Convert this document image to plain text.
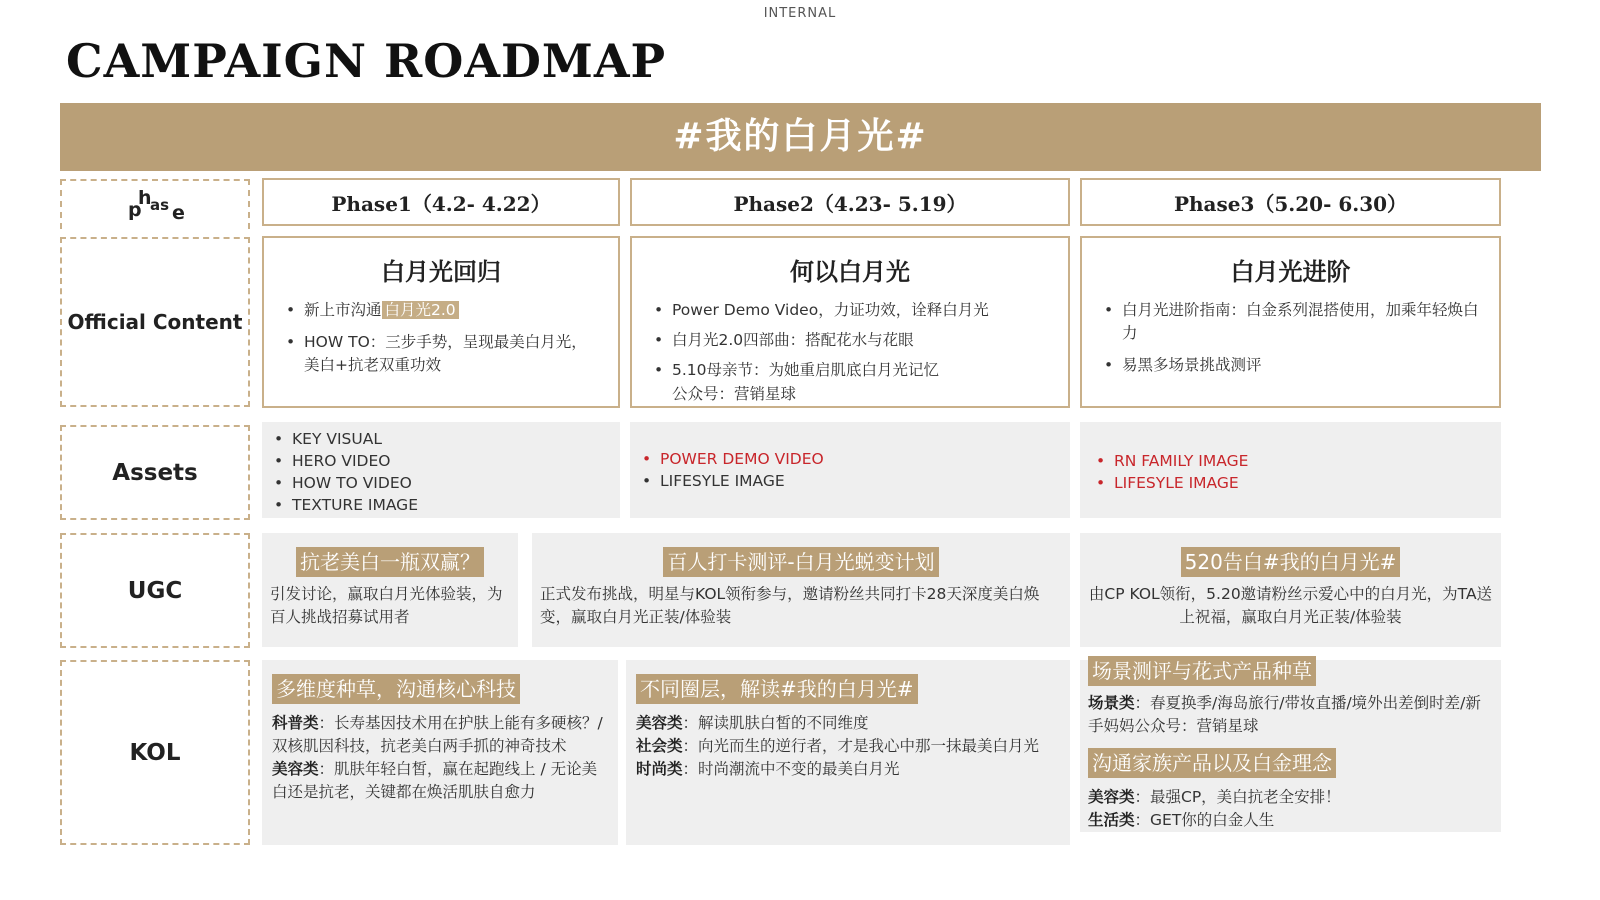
INTERNAL
CAMPAIGN ROADMAP
#我的白月光#
p
h
as e
Official Content
Assets
UGC
KOL
Phase1（4.2- 4.22）	Phase2（4.23- 5.19）	Phase3（5.20- 6.30）
白月光回归
• 新上市沟通 白月光2.0
• HOW TO：三步手势，呈现最美白月光，美白+抗老双重功效
何以白月光
• Power Demo Video，力证功效，诠释白月光
• 白月光2.0四部曲：搭配花水与花眼
• 5.10母亲节：为她重启肌底白月光记忆
公众号：营销星球
白月光进阶
• 白月光进阶指南：白金系列混搭使用，加乘年轻焕白力
• 易黑多场景挑战测评
• KEY VISUAL
• HERO VIDEO
• HOW TO VIDEO
• TEXTURE IMAGE
• POWER DEMO VIDEO
• LIFESYLE IMAGE
• RN FAMILY IMAGE
• LIFESYLE IMAGE
抗老美白一瓶双赢？
引发讨论，赢取白月光体验装，为百人挑战招募试用者
百人打卡测评-白月光蜕变计划
正式发布挑战，明星与KOL领衔参与，邀请粉丝共同打卡28天深度美白焕变，赢取白月光正装/体验装
520告白#我的白月光#
由CP KOL领衔，5.20邀请粉丝示爱心中的白月光，为TA送上祝福，赢取白月光正装/体验装
多维度种草，沟通核心科技
科普类：长寿基因技术用在护肤上能有多硬核？/ 双核肌因科技，抗老美白两手抓的神奇技术
美容类：肌肤年轻白皙，赢在起跑线上 / 无论美白还是抗老，关键都在焕活肌肤自愈力
不同圈层，解读#我的白月光#
美容类：解读肌肤白皙的不同维度
社会类：向光而生的逆行者，才是我心中那一抹最美白月光
时尚类：时尚潮流中不变的最美白月光
场景测评与花式产品种草
场景类：春夏换季/海岛旅行/带妆直播/境外出差倒时差/新手妈妈公众号：营销星球
沟通家族产品以及白金理念
美容类：最强CP，美白抗老全安排！
生活类：GET你的白金人生
